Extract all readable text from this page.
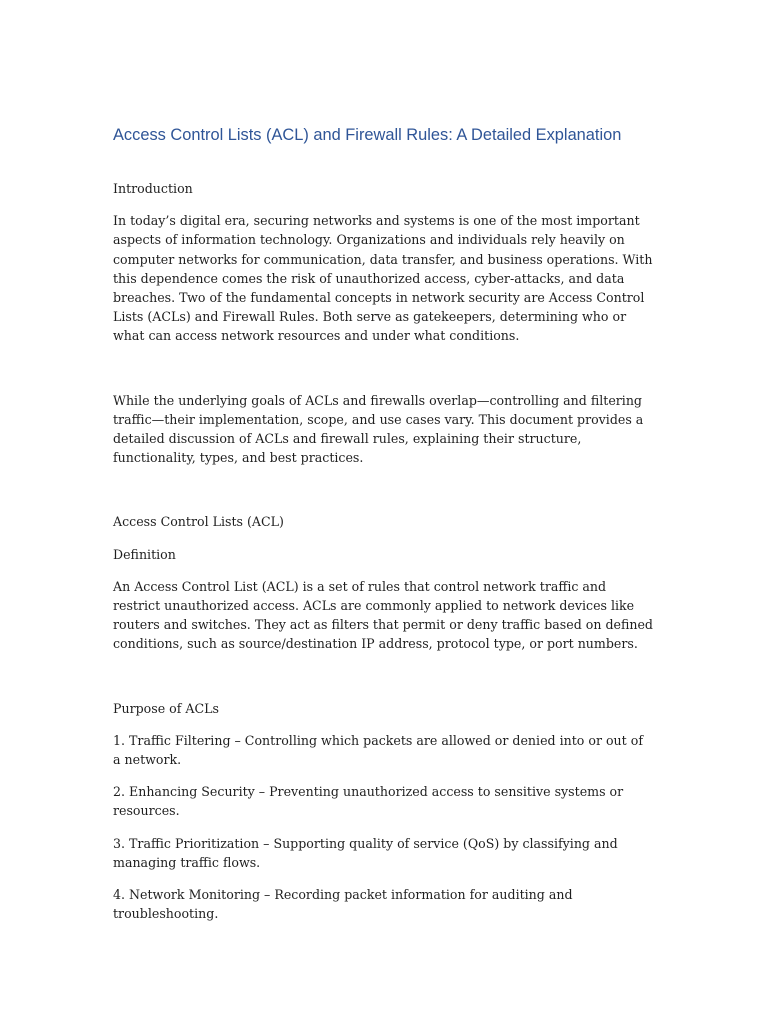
Access Control Lists (ACL) and Firewall Rules: A Detailed Explanation

Introduction

In today’s digital era, securing networks and systems is one of the most important aspects of information technology. Organizations and individuals rely heavily on computer networks for communication, data transfer, and business operations. With this dependence comes the risk of unauthorized access, cyber-attacks, and data breaches. Two of the fundamental concepts in network security are Access Control Lists (ACLs) and Firewall Rules. Both serve as gatekeepers, determining who or what can access network resources and under what conditions.

While the underlying goals of ACLs and firewalls overlap—controlling and filtering traffic—their implementation, scope, and use cases vary. This document provides a detailed discussion of ACLs and firewall rules, explaining their structure, functionality, types, and best practices.

Access Control Lists (ACL)

Definition

An Access Control List (ACL) is a set of rules that control network traffic and restrict unauthorized access. ACLs are commonly applied to network devices like routers and switches. They act as filters that permit or deny traffic based on defined conditions, such as source/destination IP address, protocol type, or port numbers.

Purpose of ACLs

1. Traffic Filtering – Controlling which packets are allowed or denied into or out of a network.

2. Enhancing Security – Preventing unauthorized access to sensitive systems or resources.

3. Traffic Prioritization – Supporting quality of service (QoS) by classifying and managing traffic flows.

4. Network Monitoring – Recording packet information for auditing and troubleshooting.
